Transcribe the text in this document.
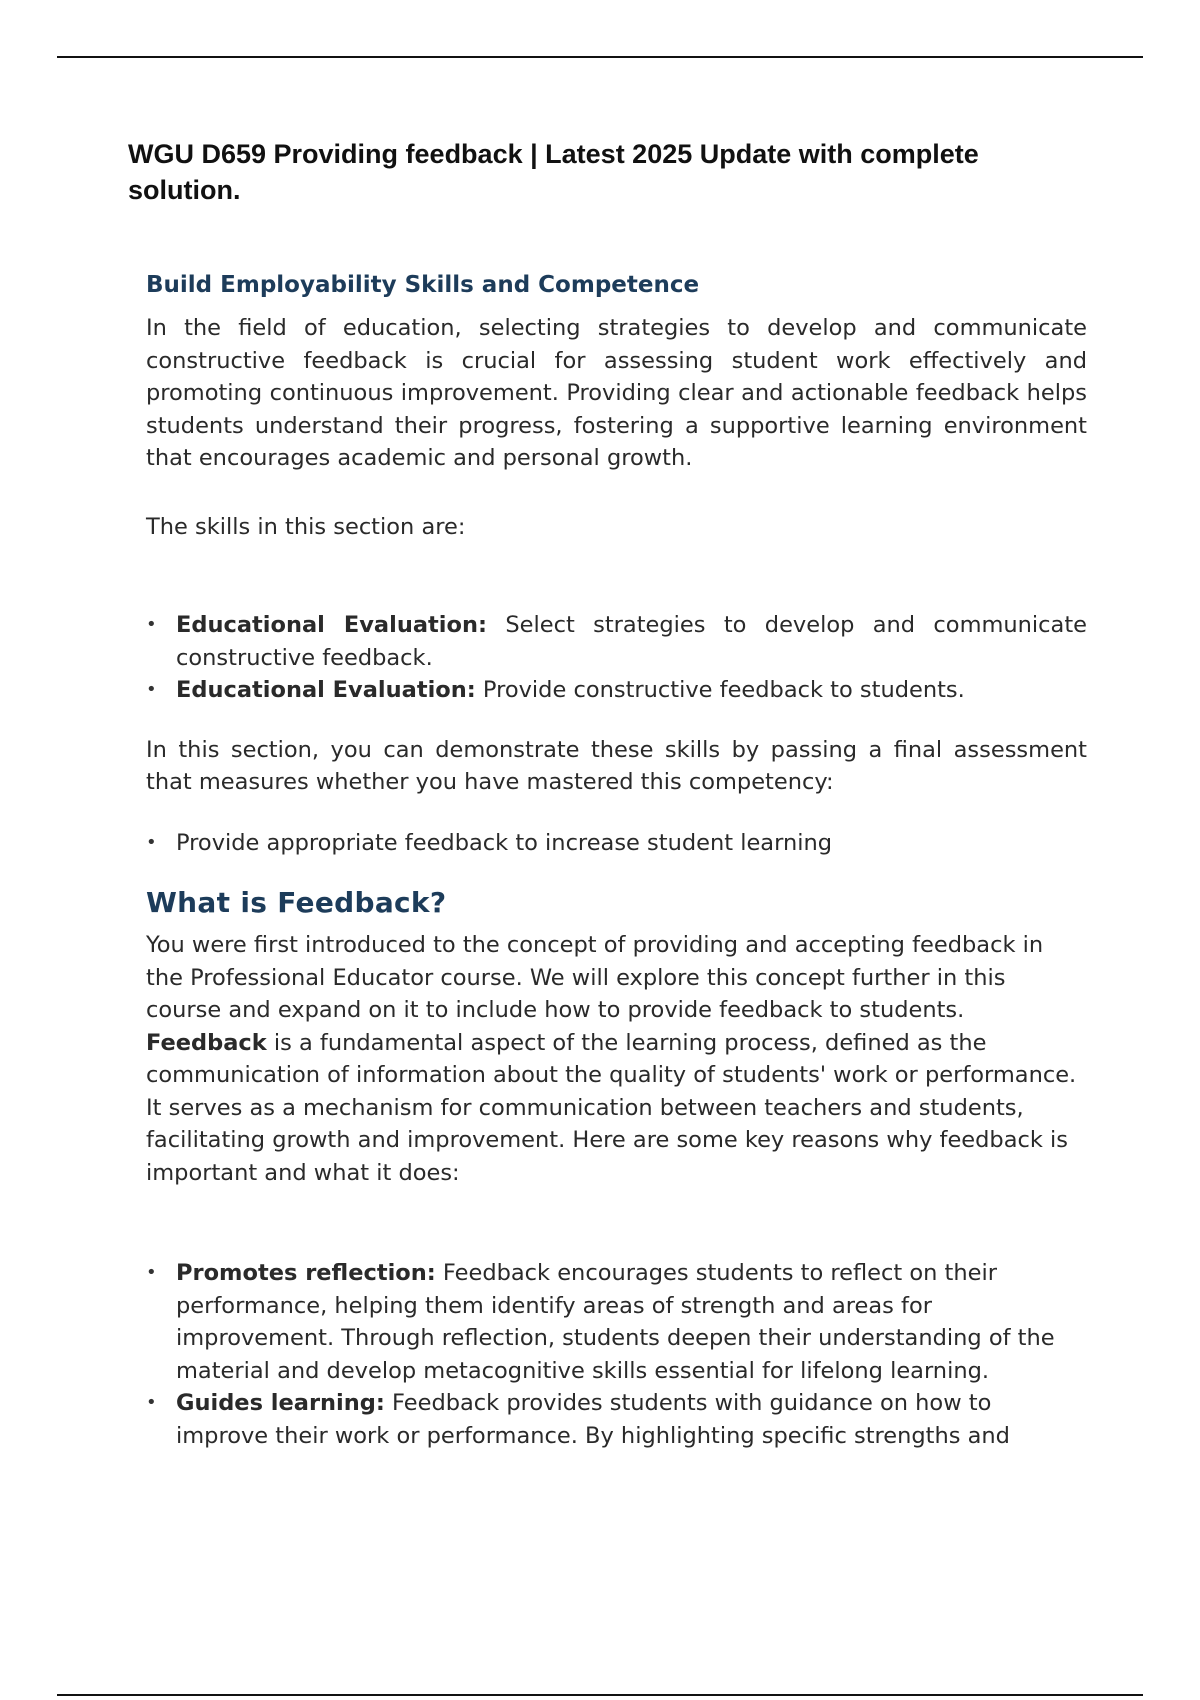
WGU D659 Providing feedback | Latest 2025 Update with complete solution.
Build Employability Skills and Competence

In the field of education, selecting strategies to develop and communicate constructive feedback is crucial for assessing student work effectively and promoting continuous improvement. Providing clear and actionable feedback helps students understand their progress, fostering a supportive learning environment that encourages academic and personal growth.

The skills in this section are:

• Educational Evaluation: Select strategies to develop and communicate constructive feedback.
• Educational Evaluation: Provide constructive feedback to students.

In this section, you can demonstrate these skills by passing a final assessment that measures whether you have mastered this competency:

• Provide appropriate feedback to increase student learning
What is Feedback?

You were first introduced to the concept of providing and accepting feedback in the Professional Educator course. We will explore this concept further in this course and expand on it to include how to provide feedback to students. Feedback is a fundamental aspect of the learning process, defined as the communication of information about the quality of students' work or performance. It serves as a mechanism for communication between teachers and students, facilitating growth and improvement. Here are some key reasons why feedback is important and what it does:

• Promotes reflection: Feedback encourages students to reflect on their performance, helping them identify areas of strength and areas for improvement. Through reflection, students deepen their understanding of the material and develop metacognitive skills essential for lifelong learning.
• Guides learning: Feedback provides students with guidance on how to improve their work or performance. By highlighting specific strengths and
